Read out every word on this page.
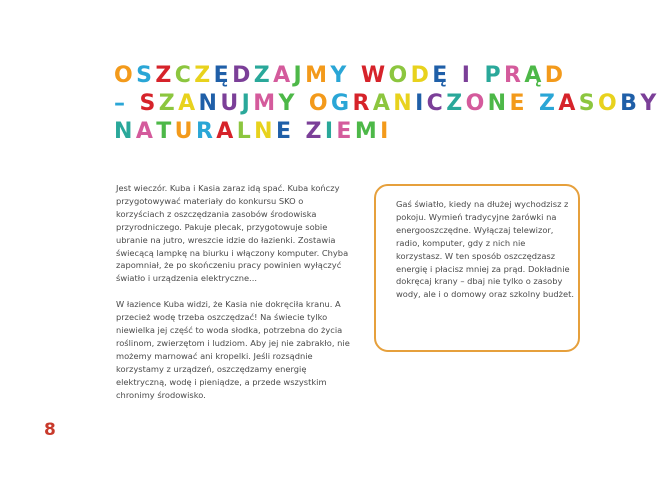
OSZCZĘDZAJMY WODĘ I PRĄD
– SZANUJMY OGRANICZONE ZASOBY
NATURALNE ZIEMI

Jest wieczór. Kuba i Kasia zaraz idą spać. Kuba kończy przygotowywać materiały do konkursu SKO o korzyściach z oszczędzania zasobów środowiska przyrodniczego. Pakuje plecak, przygotowuje sobie ubranie na jutro, wreszcie idzie do łazienki. Zostawia świecącą lampkę na biurku i włączony komputer. Chyba zapomniał, że po skończeniu pracy powinien wyłączyć światło i urządzenia elektryczne...

W łazience Kuba widzi, że Kasia nie dokręciła kranu. A przecież wodę trzeba oszczędzać! Na świecie tylko niewielka jej część to woda słodka, potrzebna do życia roślinom, zwierzętom i ludziom. Aby jej nie zabrakło, nie możemy marnować ani kropelki. Jeśli rozsądnie korzystamy z urządzeń, oszczędzamy energię elektryczną, wodę i pieniądze, a przede wszystkim chronimy środowisko.

Gaś światło, kiedy na dłużej wychodzisz z pokoju. Wymień tradycyjne żarówki na energooszczędne. Wyłączaj telewizor, radio, komputer, gdy z nich nie korzystasz. W ten sposób oszczędzasz energię i płacisz mniej za prąd. Dokładnie dokręcaj krany – dbaj nie tylko o zasoby wody, ale i o domowy oraz szkolny budżet.
8
